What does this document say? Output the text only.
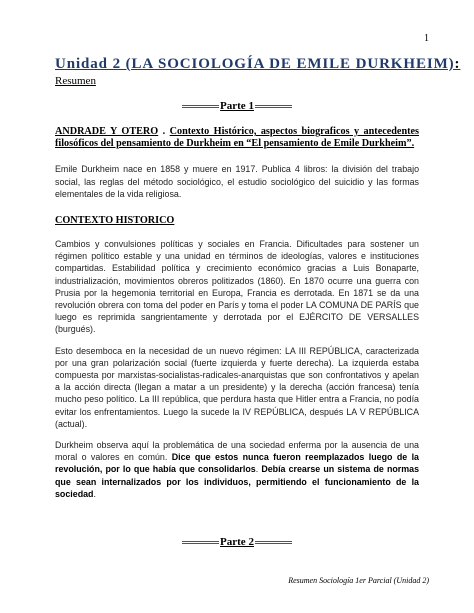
1
Unidad 2 (LA SOCIOLOGÍA DE EMILE DURKHEIM):
Resumen
Parte 1

ANDRADE Y OTERO . Contexto Histórico, aspectos biograficos y antecedentes filosóficos del pensamiento de Durkheim en “El pensamiento de Emile Durkheim”.

Emile Durkheim nace en 1858 y muere en 1917. Publica 4 libros: la división del trabajo social, las reglas del método sociológico, el estudio sociológico del suicidio y las formas elementales de la vida religiosa.

CONTEXTO HISTORICO

Cambios y convulsiones políticas y sociales en Francia. Dificultades para sostener un régimen político estable y una unidad en términos de ideologías, valores e instituciones compartidas. Estabilidad política y crecimiento económico gracias a Luis Bonaparte, industrialización, movimientos obreros politizados (1860). En 1870 ocurre una guerra con Prusia por la hegemonia territorial en Europa, Francia es derrotada. En 1871 se da una revolución obrera con toma del poder en París y toma el poder LA COMUNA DE PARÍS que luego es reprimida sangrientamente y derrotada por el EJÉRCITO DE VERSALLES (burgués).

Esto desemboca en la necesidad de un nuevo régimen: LA III REPÚBLICA, caracterizada por una gran polarización social (fuerte izquierda y fuerte derecha). La izquierda estaba compuesta por marxistas-socialistas-radicales-anarquistas que son confrontativos y apelan a la acción directa (llegan a matar a un presidente) y la derecha (acción francesa) tenía mucho peso político. La III república, que perdura hasta que Hitler entra a Francia, no podía evitar los enfrentamientos. Luego la sucede la IV REPÚBLICA, después LA V REPÚBLICA (actual).

Durkheim observa aquí la problemática de una sociedad enferma por la ausencia de una moral o valores en común. Dice que estos nunca fueron reemplazados luego de la revolución, por lo que había que consolidarlos. Debía crearse un sistema de normas que sean internalizados por los individuos, permitiendo el funcionamiento de la sociedad.

Parte 2
Resumen Sociología 1er Parcial (Unidad 2)
